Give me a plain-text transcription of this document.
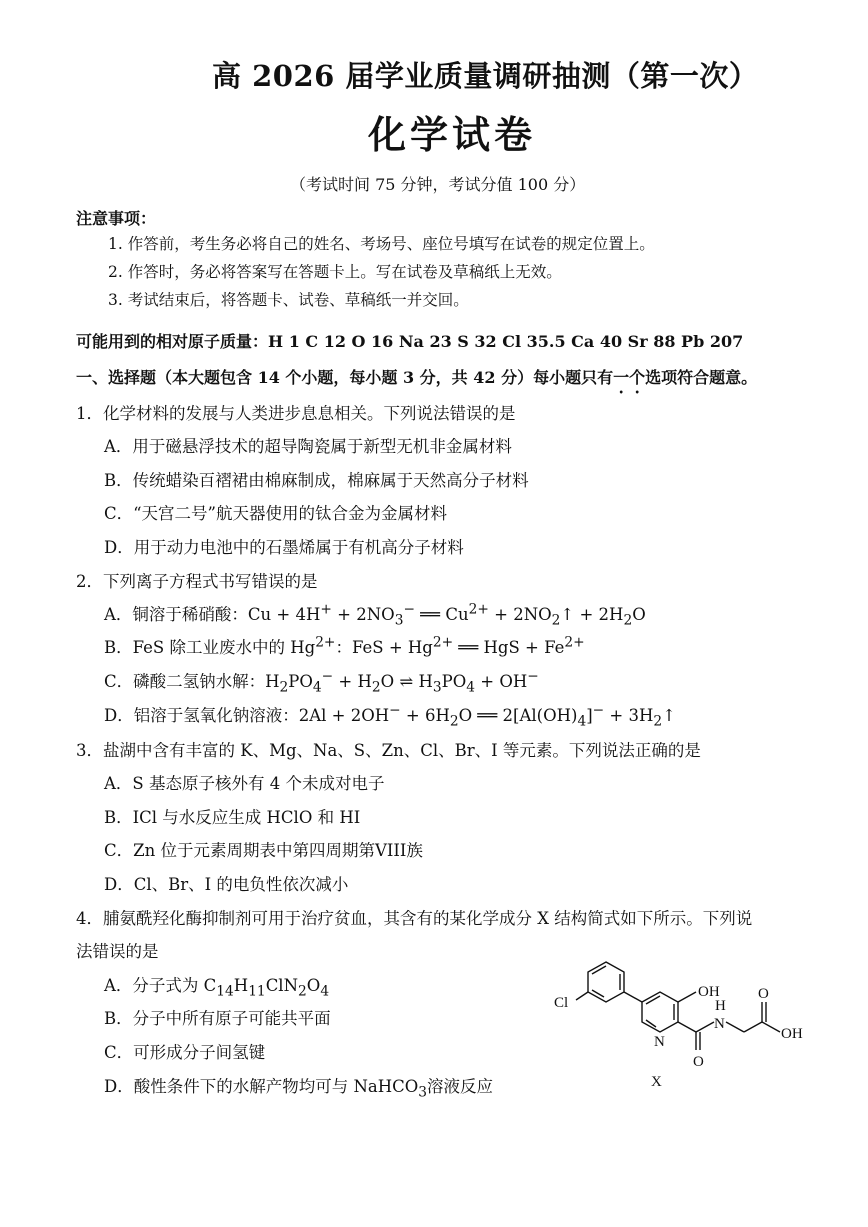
高 2026 届学业质量调研抽测（第一次）
化学试卷
（考试时间 75 分钟，考试分值 100 分）
注意事项：
1. 作答前，考生务必将自己的姓名、考场号、座位号填写在试卷的规定位置上。
2. 作答时，务必将答案写在答题卡上。写在试卷及草稿纸上无效。
3. 考试结束后，将答题卡、试卷、草稿纸一并交回。
可能用到的相对原子质量：H 1 C 12 O 16 Na 23 S 32 Cl 35.5 Ca 40 Sr 88 Pb 207
一、选择题（本大题包含 14 个小题，每小题 3 分，共 42 分）每小题只有一个选项符合题意。
1．化学材料的发展与人类进步息息相关。下列说法错误的是
A．用于磁悬浮技术的超导陶瓷属于新型无机非金属材料
B．传统蜡染百褶裙由棉麻制成，棉麻属于天然高分子材料
C．“天宫二号”航天器使用的钛合金为金属材料
D．用于动力电池中的石墨烯属于有机高分子材料
2．下列离子方程式书写错误的是
A．铜溶于稀硝酸：$Cu + 4H^+ + 2NO_3^-$ ══ $Cu^{2+}$ + $2NO_2↑ + 2H_2O$
B．FeS 除工业废水中的 $Hg^{2+}$：FeS + $Hg^{2+}$ ══ HgS + $Fe^{2+}$
C．磷酸二氢钠水解：$H_2PO_4^- + H_2O$ ⇌ $H_3PO_4 + OH^-$
D．铝溶于氢氧化钠溶液：$2Al + 2OH^- + 6H_2O$ ══ $2[Al(OH)_4]^-$ + $3H_2↑$
3．盐湖中含有丰富的 K、Mg、Na、S、Zn、Cl、Br、I 等元素。下列说法正确的是
A．S 基态原子核外有 4 个未成对电子
B．ICl 与水反应生成 HClO 和 HI
C．Zn 位于元素周期表中第四周期第VIII族
D．Cl、Br、I 的电负性依次减小
4．脯氨酰羟化酶抑制剂可用于治疗贫血，其含有的某化学成分 X 结构简式如下所示。下列说
法错误的是
A．分子式为 $C_{14}H_{11}ClN_2O_4$
B．分子中所有原子可能共平面
C．可形成分子间氢键
D．酸性条件下的水解产物均可与 NaHCO$_3$溶液反应
Cl
OH
N
H
N
O
O
OH
X
